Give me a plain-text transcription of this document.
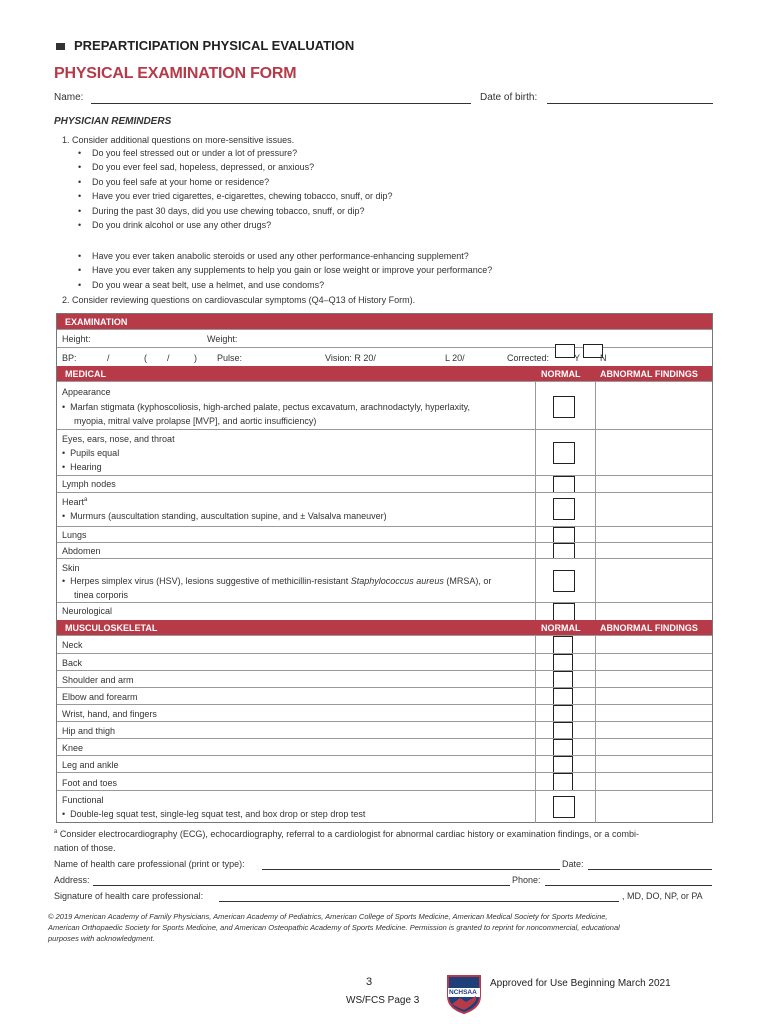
PREPARTICIPATION PHYSICAL EVALUATION
PHYSICAL EXAMINATION FORM
Name:	Date of birth:
PHYSICIAN REMINDERS
1. Consider additional questions on more-sensitive issues.
• Do you feel stressed out or under a lot of pressure?
• Do you ever feel sad, hopeless, depressed, or anxious?
• Do you feel safe at your home or residence?
• Have you ever tried cigarettes, e-cigarettes, chewing tobacco, snuff, or dip?
• During the past 30 days, did you use chewing tobacco, snuff, or dip?
• Do you drink alcohol or use any other drugs?
• Have you ever taken anabolic steroids or used any other performance-enhancing supplement?
• Have you ever taken any supplements to help you gain or lose weight or improve your performance?
• Do you wear a seat belt, use a helmet, and use condoms?
2. Consider reviewing questions on cardiovascular symptoms (Q4–Q13 of History Form).
EXAMINATION
Height:	Weight:
BP:	/	( /	) Pulse:	Vision: R 20/	L 20/	Corrected:	Y N
MEDICAL	NORMAL ABNORMAL FINDINGS
Appearance
•  Marfan stigmata (kyphoscoliosis, high-arched palate, pectus excavatum, arachnodactyly, hyperlaxity,
myopia, mitral valve prolapse [MVP], and aortic insufficiency)
Eyes, ears, nose, and throat
•  Pupils equal
•  Hearing
Lymph nodes
Heart$^a$
•  Murmurs (auscultation standing, auscultation supine, and ± Valsalva maneuver)
Lungs
Abdomen
Skin
•  Herpes simplex virus (HSV), lesions suggestive of methicillin-resistant Staphylococcus aureus (MRSA), or
tinea corporis
Neurological
MUSCULOSKELETAL	NORMAL ABNORMAL FINDINGS
Neck
Back
Shoulder and arm
Elbow and forearm
Wrist, hand, and fingers
Hip and thigh
Knee
Leg and ankle
Foot and toes
Functional
•  Double-leg squat test, single-leg squat test, and box drop or step drop test
$^a$ Consider electrocardiography (ECG), echocardiography, referral to a cardiologist for abnormal cardiac history or examination findings, or a combi-
nation of those.
Name of health care professional (print or type):	Date:
Address:	Phone:
Signature of health care professional:	, MD, DO, NP, or PA
© 2019 American Academy of Family Physicians, American Academy of Pediatrics, American College of Sports Medicine, American Medical Society for Sports Medicine,
American Orthopaedic Society for Sports Medicine, and American Osteopathic Academy of Sports Medicine. Permission is granted to reprint for noncommercial, educational
purposes with acknowledgment.
3
WS/FCS Page 3
NCHSAA
Approved for Use Beginning March 2021
